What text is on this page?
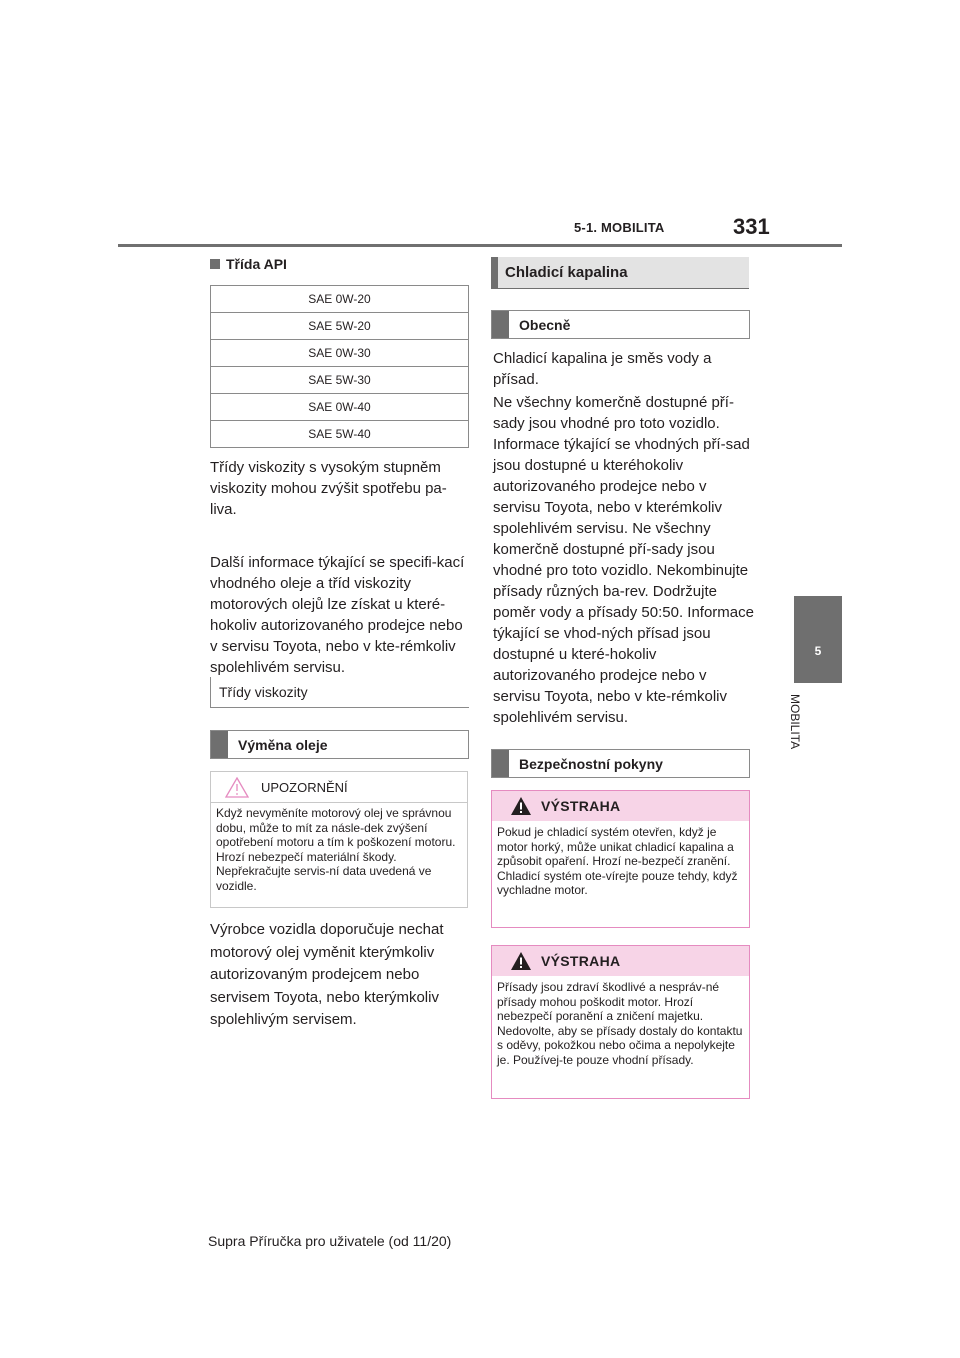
5-1. MOBILITA	331
5
MOBILITA
Třída API
SAE 0W-20
SAE 5W-20
SAE 0W-30
SAE 5W-30
SAE 0W-40
SAE 5W-40
Třídy viskozity s vysokým stupněm viskozity mohou zvýšit spotřebu pa-liva.
Další informace týkající se specifi-kací vhodného oleje a tříd viskozity motorových olejů lze získat u které-hokoliv autorizovaného prodejce nebo v servisu Toyota, nebo v kte-rémkoliv spolehlivém servisu.
Třídy viskozity
Výměna oleje
UPOZORNĚNÍ
Když nevyměníte motorový olej ve správnou dobu, může to mít za násle-dek zvýšení opotřebení motoru a tím k poškození motoru. Hrozí nebezpečí materiální škody. Nepřekračujte servis-ní data uvedená ve vozidle.
Výrobce vozidla doporučuje nechat motorový olej vyměnit kterýmkoliv autorizovaným prodejcem nebo servisem Toyota, nebo kterýmkoliv spolehlivým servisem.
Chladicí kapalina
Obecně
Chladicí kapalina je směs vody a přísad.
Ne všechny komerčně dostupné pří-sady jsou vhodné pro toto vozidlo. Informace týkající se vhodných pří-sad jsou dostupné u kteréhokoliv autorizovaného prodejce nebo v servisu Toyota, nebo v kterémkoliv spolehlivém servisu. Ne všechny komerčně dostupné pří-sady jsou vhodné pro toto vozidlo. Nekombinujte přísady různých ba-rev. Dodržujte poměr vody a přísady 50:50. Informace týkající se vhod-ných přísad jsou dostupné u které-hokoliv autorizovaného prodejce nebo v servisu Toyota, nebo v kte-rémkoliv spolehlivém servisu.
Bezpečnostní pokyny
VÝSTRAHA
Pokud je chladicí systém otevřen, když je motor horký, může unikat chladicí kapalina a způsobit opaření. Hrozí ne-bezpečí zranění. Chladicí systém ote-vírejte pouze tehdy, když vychladne motor.
VÝSTRAHA
Přísady jsou zdraví škodlivé a nespráv-né přísady mohou poškodit motor. Hrozí nebezpečí poranění a zničení majetku. Nedovolte, aby se přísady dostaly do kontaktu s oděvy, pokožkou nebo očima a nepolykejte je. Používej-te pouze vhodní přísady.
Supra Příručka pro uživatele (od 11/20)
